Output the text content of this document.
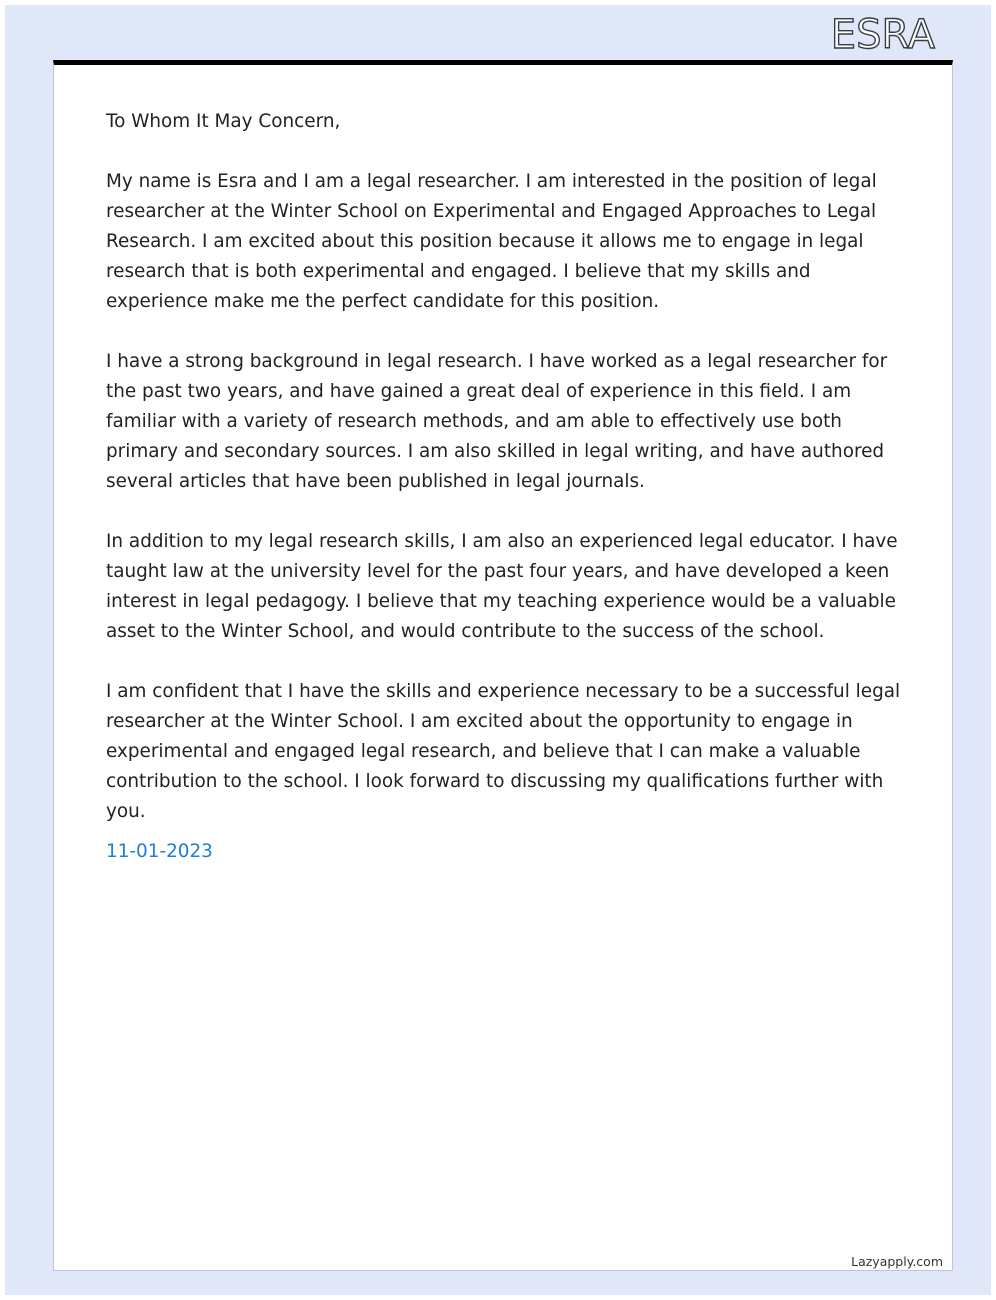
ESRA

To Whom It May Concern,

My name is Esra and I am a legal researcher. I am interested in the position of legal researcher at the Winter School on Experimental and Engaged Approaches to Legal Research. I am excited about this position because it allows me to engage in legal research that is both experimental and engaged. I believe that my skills and experience make me the perfect candidate for this position.

I have a strong background in legal research. I have worked as a legal researcher for the past two years, and have gained a great deal of experience in this field. I am familiar with a variety of research methods, and am able to effectively use both primary and secondary sources. I am also skilled in legal writing, and have authored several articles that have been published in legal journals.

In addition to my legal research skills, I am also an experienced legal educator. I have taught law at the university level for the past four years, and have developed a keen interest in legal pedagogy. I believe that my teaching experience would be a valuable asset to the Winter School, and would contribute to the success of the school.

I am confident that I have the skills and experience necessary to be a successful legal researcher at the Winter School. I am excited about the opportunity to engage in experimental and engaged legal research, and believe that I can make a valuable contribution to the school. I look forward to discussing my qualifications further with you.

11-01-2023
Lazyapply.com
